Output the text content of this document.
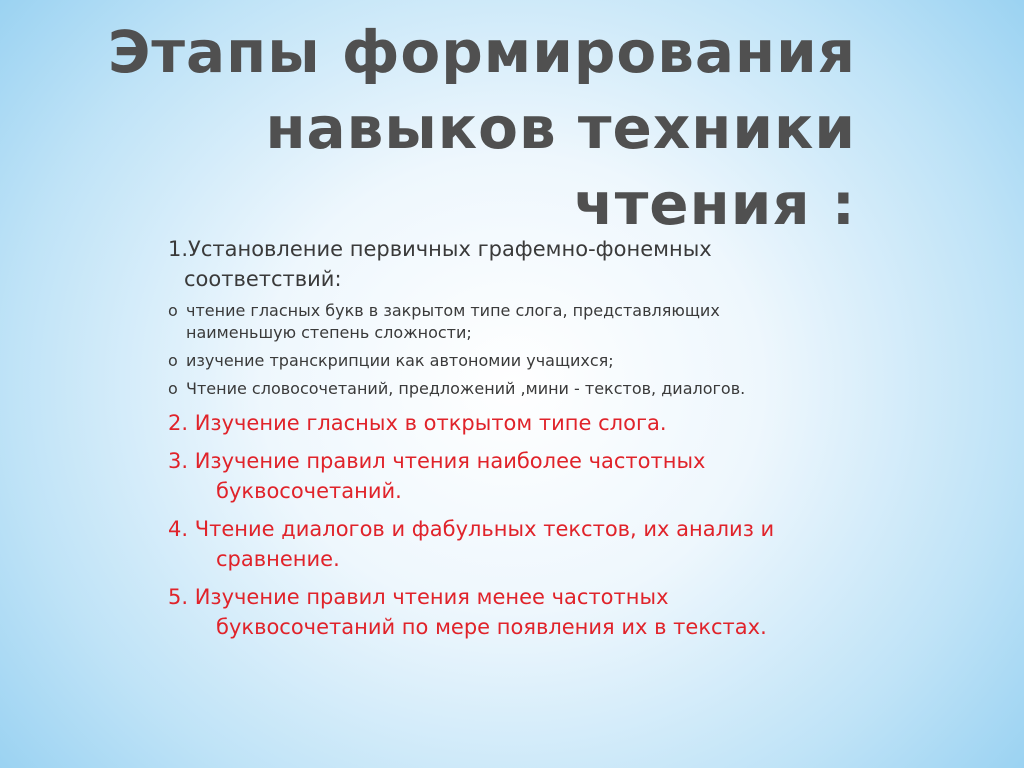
Этапы формирования
навыков техники
чтения :
1.Установление первичных графемно-фонемных соответствий:
o чтение гласных букв в закрытом типе слога, представляющих наименьшую степень сложности;
o изучение транскрипции как автономии учащихся;
o Чтение словосочетаний, предложений ,мини - текстов, диалогов.
2. Изучение гласных в открытом типе слога.
3. Изучение правил чтения наиболее частотных буквосочетаний.
4. Чтение диалогов и фабульных текстов, их анализ и сравнение.
5. Изучение правил чтения менее частотных буквосочетаний по мере появления их в текстах.
